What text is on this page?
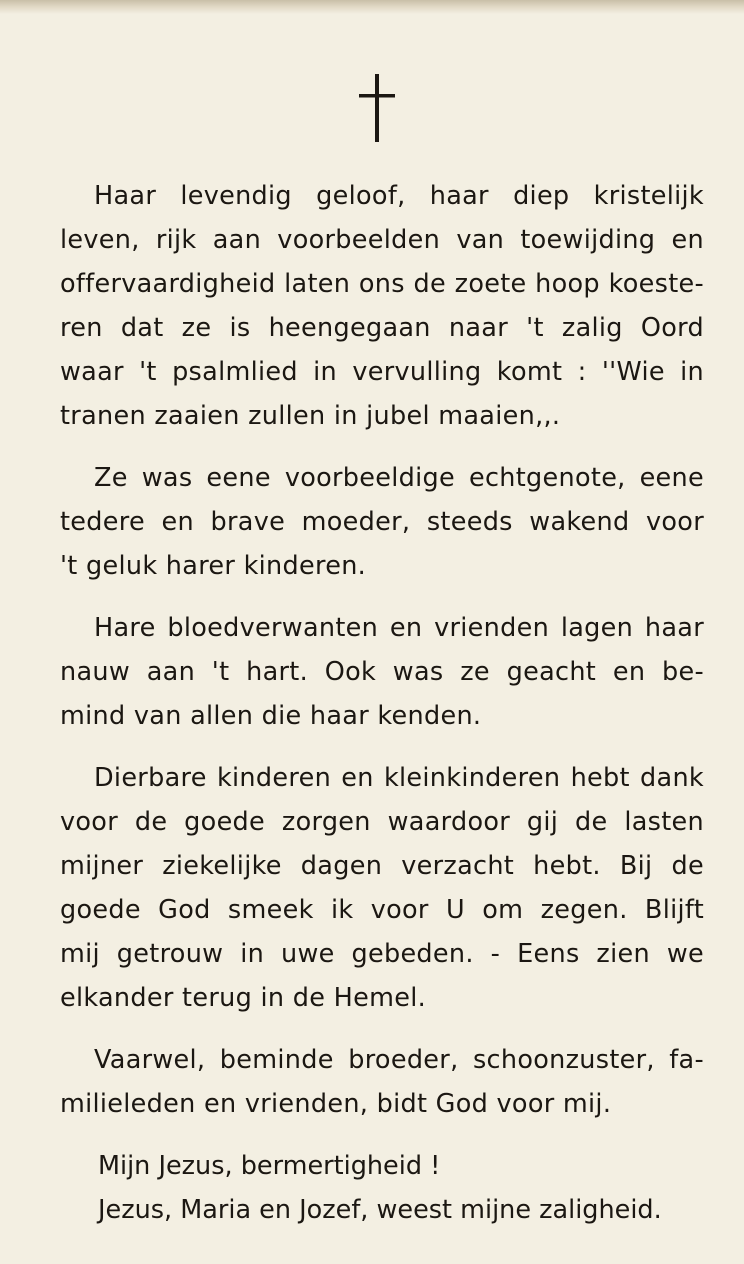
Haar levendig geloof, haar diep kristelijk
leven, rijk aan voorbeelden van toewijding en
offervaardigheid laten ons de zoete hoop koeste-
ren dat ze is heengegaan naar 't zalig Oord
waar 't psalmlied in vervulling komt : ''Wie in
tranen zaaien zullen in jubel maaien,,.

Ze was eene voorbeeldige echtgenote, eene
tedere en brave moeder, steeds wakend voor
't geluk harer kinderen.

Hare bloedverwanten en vrienden lagen haar
nauw aan 't hart. Ook was ze geacht en be-
mind van allen die haar kenden.

Dierbare kinderen en kleinkinderen hebt dank
voor de goede zorgen waardoor gij de lasten
mijner ziekelijke dagen verzacht hebt. Bij de
goede God smeek ik voor U om zegen. Blijft
mij getrouw in uwe gebeden. - Eens zien we
elkander terug in de Hemel.

Vaarwel, beminde broeder, schoonzuster, fa-
milieleden en vrienden, bidt God voor mij.

Mijn Jezus, bermertigheid !

Jezus, Maria en Jozef, weest mijne zaligheid.
